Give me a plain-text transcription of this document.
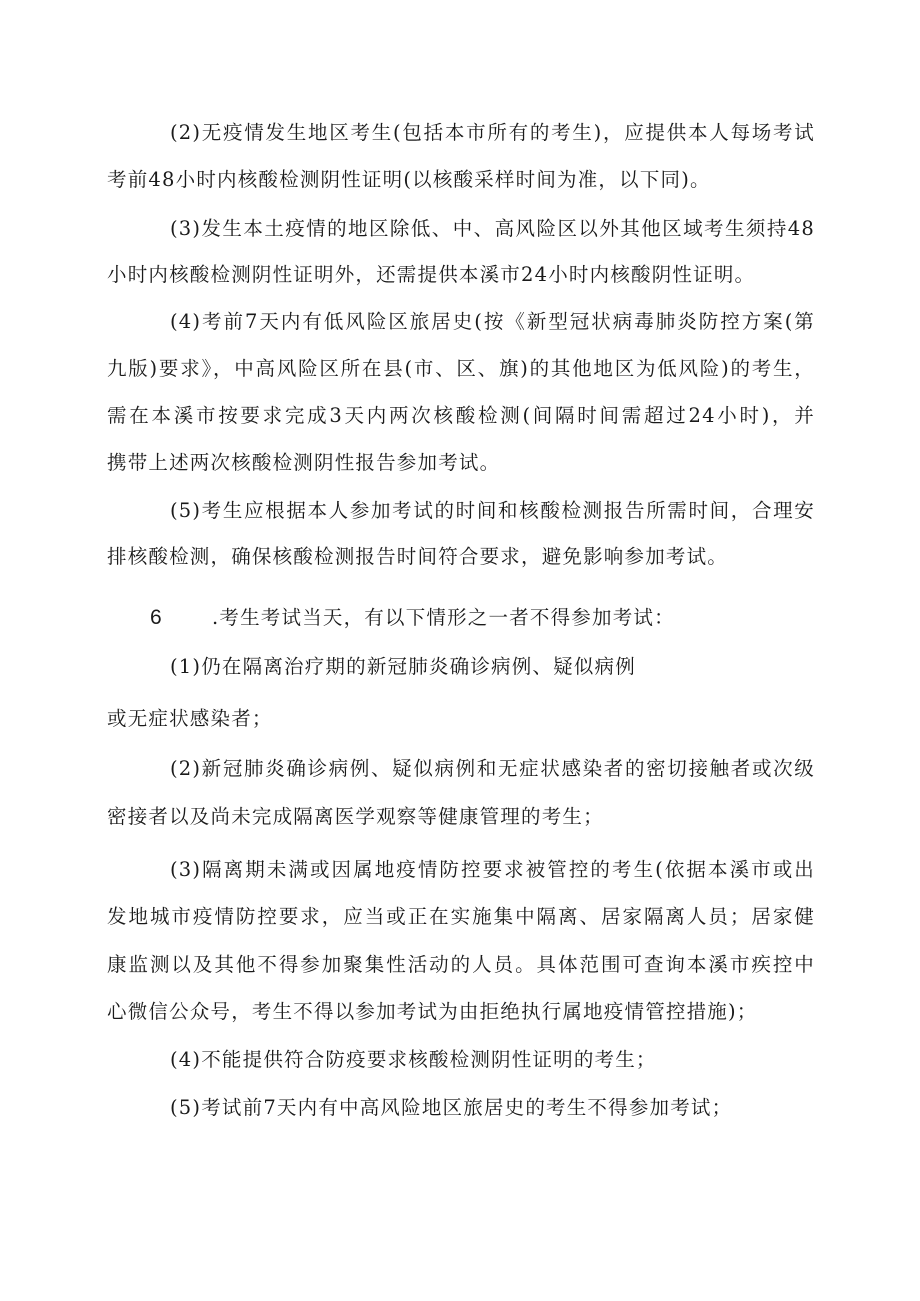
(2)无疫情发生地区考生(包括本市所有的考生)，应提供本人每场考试
考前48小时内核酸检测阴性证明(以核酸采样时间为准，以下同)。
(3)发生本土疫情的地区除低、中、高风险区以外其他区域考生须持48
小时内核酸检测阴性证明外，还需提供本溪市24小时内核酸阴性证明。
(4)考前7天内有低风险区旅居史(按《新型冠状病毒肺炎防控方案(第
九版)要求》，中高风险区所在县(市、区、旗)的其他地区为低风险)的考生，
需在本溪市按要求完成3天内两次核酸检测(间隔时间需超过24小时)，并
携带上述两次核酸检测阴性报告参加考试。
(5)考生应根据本人参加考试的时间和核酸检测报告所需时间，合理安
排核酸检测，确保核酸检测报告时间符合要求，避免影响参加考试。
6	.考生考试当天，有以下情形之一者不得参加考试：
(1)仍在隔离治疗期的新冠肺炎确诊病例、疑似病例
或无症状感染者；
(2)新冠肺炎确诊病例、疑似病例和无症状感染者的密切接触者或次级
密接者以及尚未完成隔离医学观察等健康管理的考生；
(3)隔离期未满或因属地疫情防控要求被管控的考生(依据本溪市或出
发地城市疫情防控要求，应当或正在实施集中隔离、居家隔离人员；居家健
康监测以及其他不得参加聚集性活动的人员。具体范围可查询本溪市疾控中
心微信公众号，考生不得以参加考试为由拒绝执行属地疫情管控措施)；
(4)不能提供符合防疫要求核酸检测阴性证明的考生；
(5)考试前7天内有中高风险地区旅居史的考生不得参加考试；
